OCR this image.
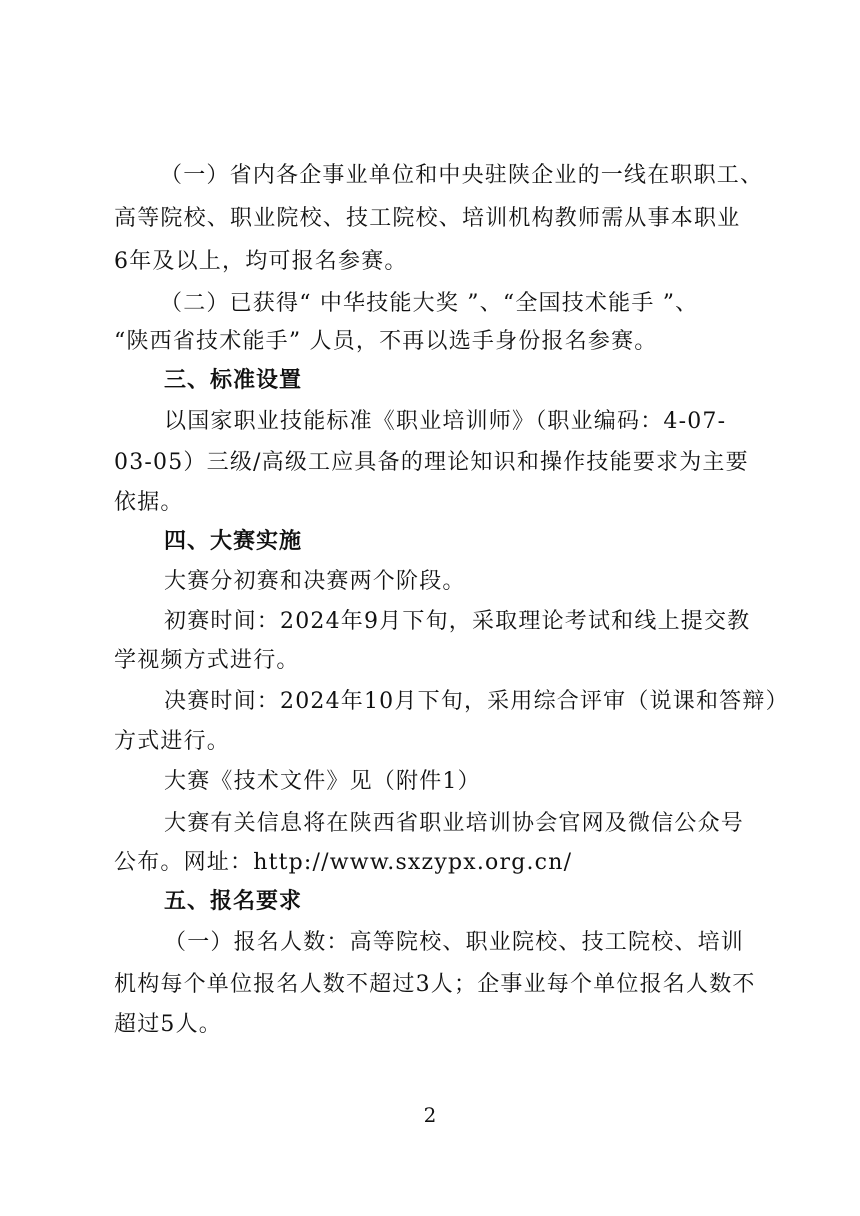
（一）省内各企事业单位和中央驻陕企业的一线在职职工、
高等院校、职业院校、技工院校、培训机构教师需从事本职业
6年及以上，均可报名参赛。
（二）已获得“ 中华技能大奖 ”、“全国技术能手 ”、
“陕西省技术能手” 人员，不再以选手身份报名参赛。
三、标准设置
以国家职业技能标准《职业培训师》（职业编码：4-07-
03-05）三级/高级工应具备的理论知识和操作技能要求为主要
依据。
四、大赛实施
大赛分初赛和决赛两个阶段。
初赛时间：2024年9月下旬，采取理论考试和线上提交教
学视频方式进行。
决赛时间：2024年10月下旬，采用综合评审（说课和答辩）
方式进行。
大赛《技术文件》见（附件1）
大赛有关信息将在陕西省职业培训协会官网及微信公众号
公布。网址：http://www.sxzypx.org.cn/
五、报名要求
（一）报名人数：高等院校、职业院校、技工院校、培训
机构每个单位报名人数不超过3人；企事业每个单位报名人数不
超过5人。
2
